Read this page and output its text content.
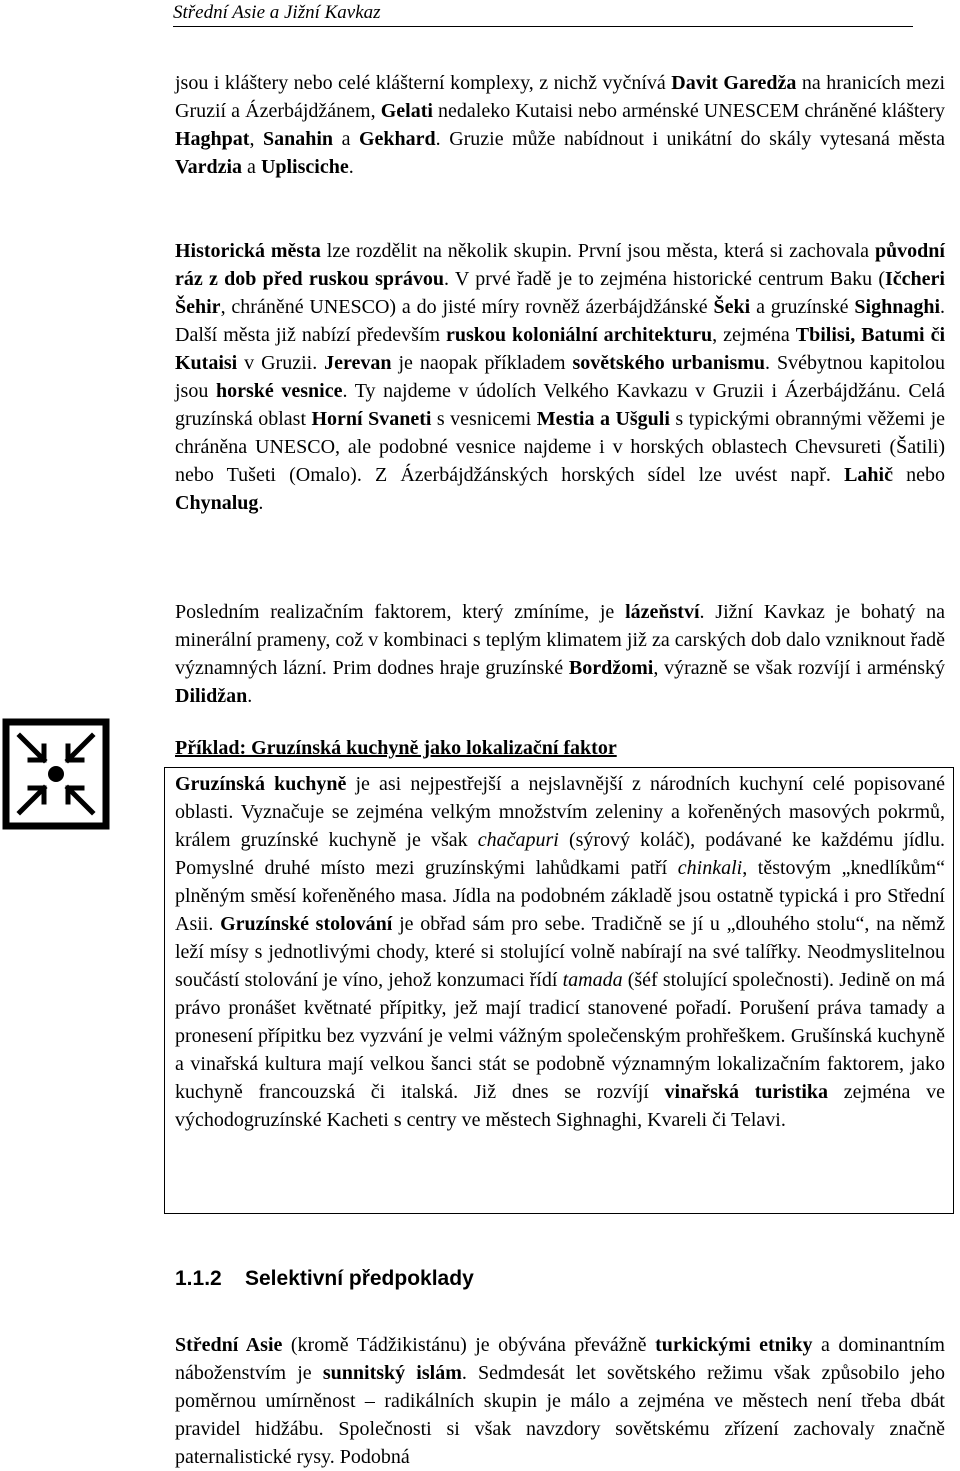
Střední Asie a Jižní Kavkaz

jsou i kláštery nebo celé klášterní komplexy, z nichž vyčnívá Davit Garedža na hranicích mezi Gruzií a Ázerbájdžánem, Gelati nedaleko Kutaisi nebo arménské UNESCEM chráněné kláštery Haghpat, Sanahin a Gekhard. Gruzie může nabídnout i unikátní do skály vytesaná města Vardzia a Uplisciche.

Historická města lze rozdělit na několik skupin. První jsou města, která si zachovala původní ráz z dob před ruskou správou. V prvé řadě je to zejména historické centrum Baku (Ičcheri Šehir, chráněné UNESCO) a do jisté míry rovněž ázerbájdžánské Šeki a gruzínské Sighnaghi. Další města již nabízí především ruskou koloniální architekturu, zejména Tbilisi, Batumi či Kutaisi v Gruzii. Jerevan je naopak příkladem sovětského urbanismu. Svébytnou kapitolou jsou horské vesnice. Ty najdeme v údolích Velkého Kavkazu v Gruzii i Ázerbájdžánu. Celá gruzínská oblast Horní Svaneti s vesnicemi Mestia a Ušguli s typickými obrannými věžemi je chráněna UNESCO, ale podobné vesnice najdeme i v horských oblastech Chevsureti (Šatili) nebo Tušeti (Omalo). Z Ázerbájdžánských horských sídel lze uvést např. Lahič nebo Chynalug.

Posledním realizačním faktorem, který zmíníme, je lázeňství. Jižní Kavkaz je bohatý na minerální prameny, což v kombinaci s teplým klimatem již za carských dob dalo vzniknout řadě významných lázní. Prim dodnes hraje gruzínské Bordžomi, výrazně se však rozvíjí i arménský Dilidžan.

Příklad: Gruzínská kuchyně jako lokalizační faktor

Gruzínská kuchyně je asi nejpestřejší a nejslavnější z národních kuchyní celé popisované oblasti. Vyznačuje se zejména velkým množstvím zeleniny a kořeněných masových pokrmů, králem gruzínské kuchyně je však chačapuri (sýrový koláč), podávané ke každému jídlu. Pomyslné druhé místo mezi gruzínskými lahůdkami patří chinkali, těstovým „knedlíkům“ plněným směsí kořeněného masa. Jídla na podobném základě jsou ostatně typická i pro Střední Asii. Gruzínské stolování je obřad sám pro sebe. Tradičně se jí u „dlouhého stolu“, na němž leží mísy s jednotlivými chody, které si stolující volně nabírají na své talířky. Neodmyslitelnou součástí stolování je víno, jehož konzumaci řídí tamada (šéf stolující společnosti). Jedině on má právo pronášet květnaté přípitky, jež mají tradicí stanovené pořadí. Porušení práva tamady a pronesení přípitku bez vyzvání je velmi vážným společenským prohřeškem. Grušínská kuchyně a vinařská kultura mají velkou šanci stát se podobně významným lokalizačním faktorem, jako kuchyně francouzská či italská. Již dnes se rozvíjí vinařská turistika zejména ve východogruzínské Kacheti s centry ve městech Sighnaghi, Kvareli či Telavi.

1.1.2 Selektivní předpoklady

Střední Asie (kromě Tádžikistánu) je obývána převážně turkickými etniky a dominantním náboženstvím je sunnitský islám. Sedmdesát let sovětského režimu však způsobilo jeho poměrnou umírněnost – radikálních skupin je málo a zejména ve městech není třeba dbát pravidel hidžábu. Společnosti si však navzdory sovětskému zřízení zachovaly značně paternalistické rysy. Podobná
